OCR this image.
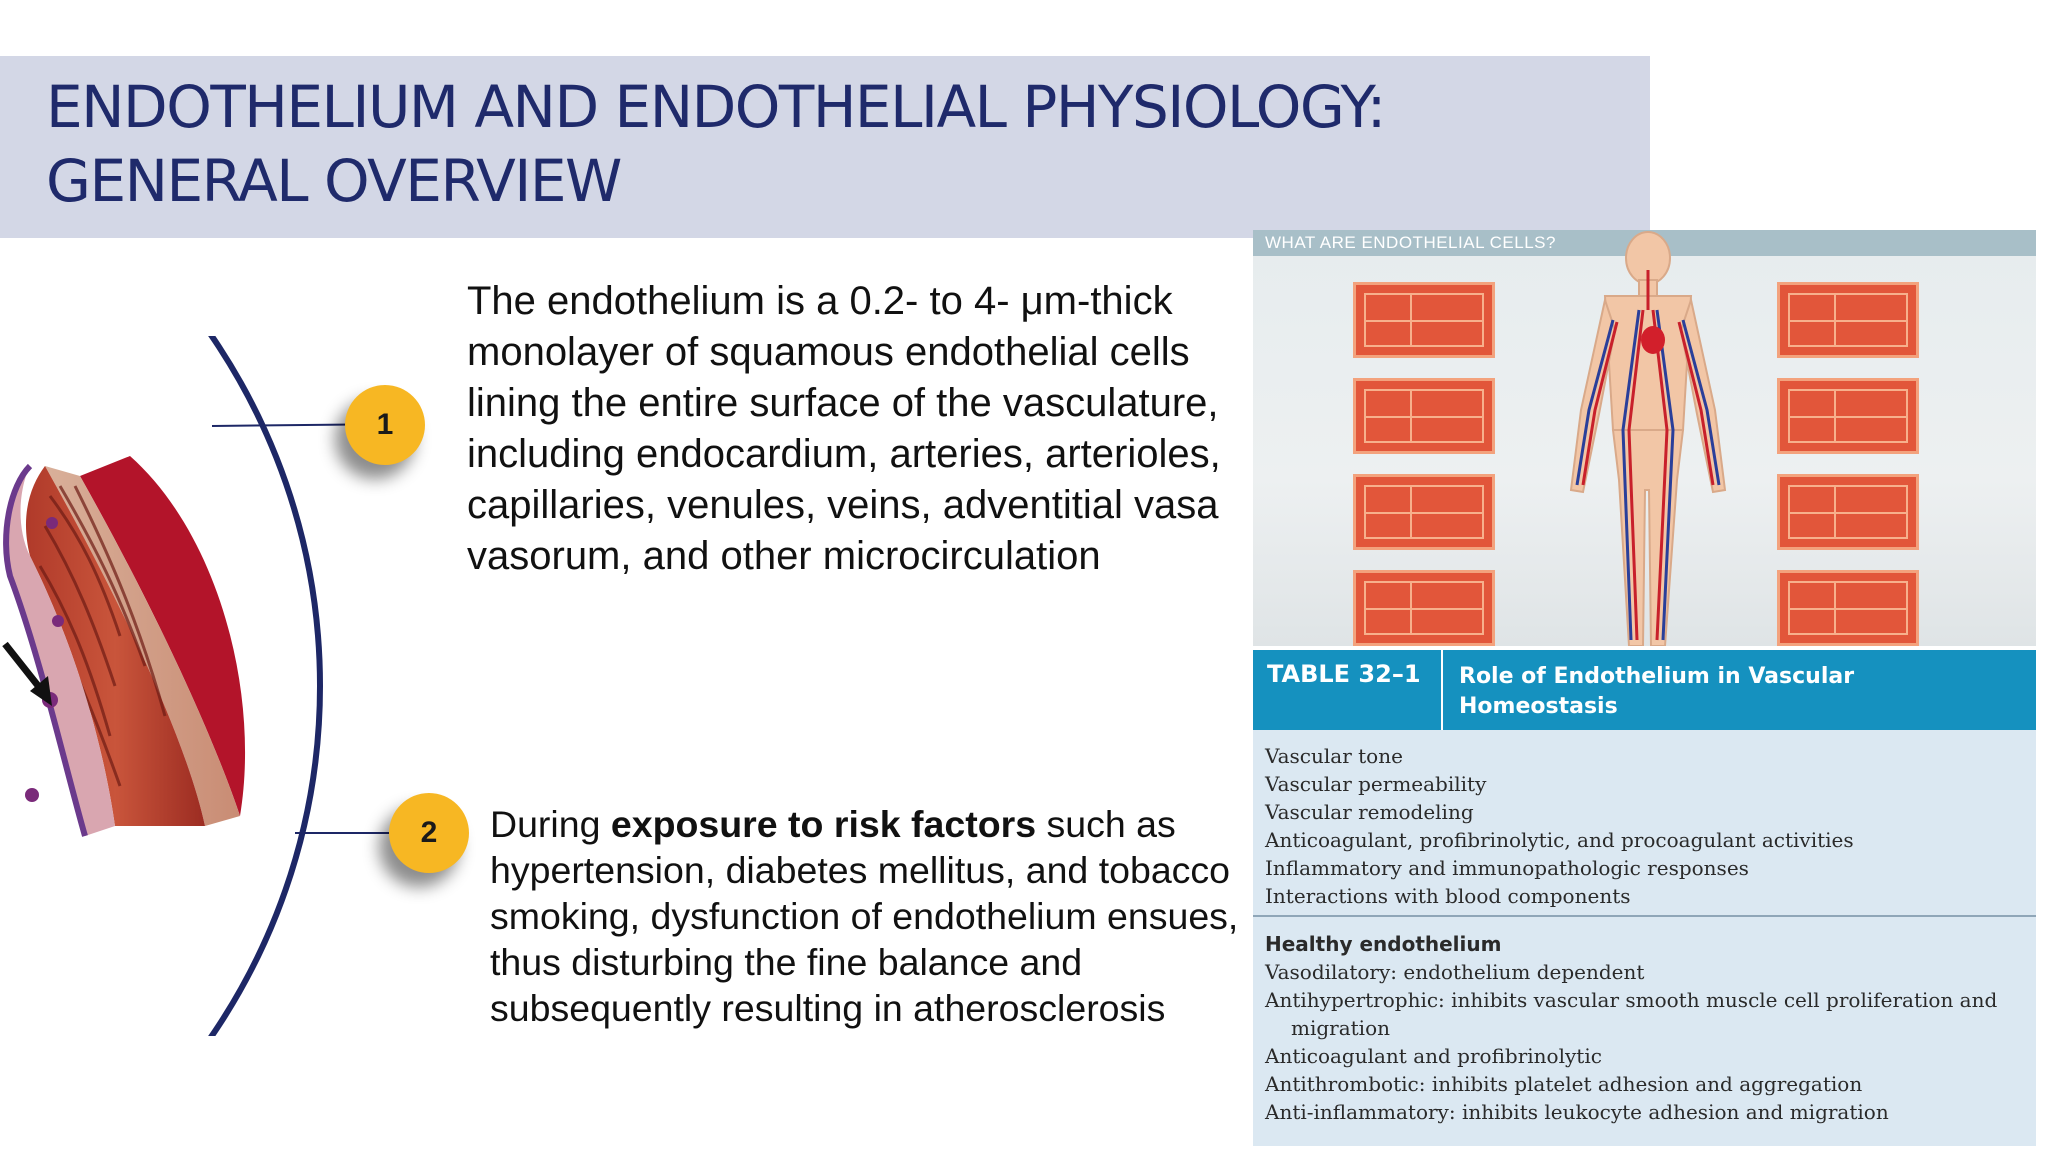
ENDOTHELIUM AND ENDOTHELIAL PHYSIOLOGY:
GENERAL OVERVIEW
1
2

The endothelium is a 0.2- to 4- μm-thick monolayer of squamous endothelial cells lining the entire surface of the vasculature, including endocardium, arteries, arterioles, capillaries, venules, veins, adventitial vasa vasorum, and other microcirculation

During exposure to risk factors such as hypertension, diabetes mellitus, and tobacco smoking, dysfunction of endothelium ensues, thus disturbing the fine balance and subsequently resulting in atherosclerosis

WHAT ARE ENDOTHELIAL CELLS?
TABLE 32–1 Role of Endothelium in Vascular Homeostasis
Vascular tone
Vascular permeability
Vascular remodeling
Anticoagulant, profibrinolytic, and procoagulant activities
Inflammatory and immunopathologic responses
Interactions with blood components
Healthy endothelium
Vasodilatory: endothelium dependent
Antihypertrophic: inhibits vascular smooth muscle cell proliferation and
migration
Anticoagulant and profibrinolytic
Antithrombotic: inhibits platelet adhesion and aggregation
Anti-inflammatory: inhibits leukocyte adhesion and migration
